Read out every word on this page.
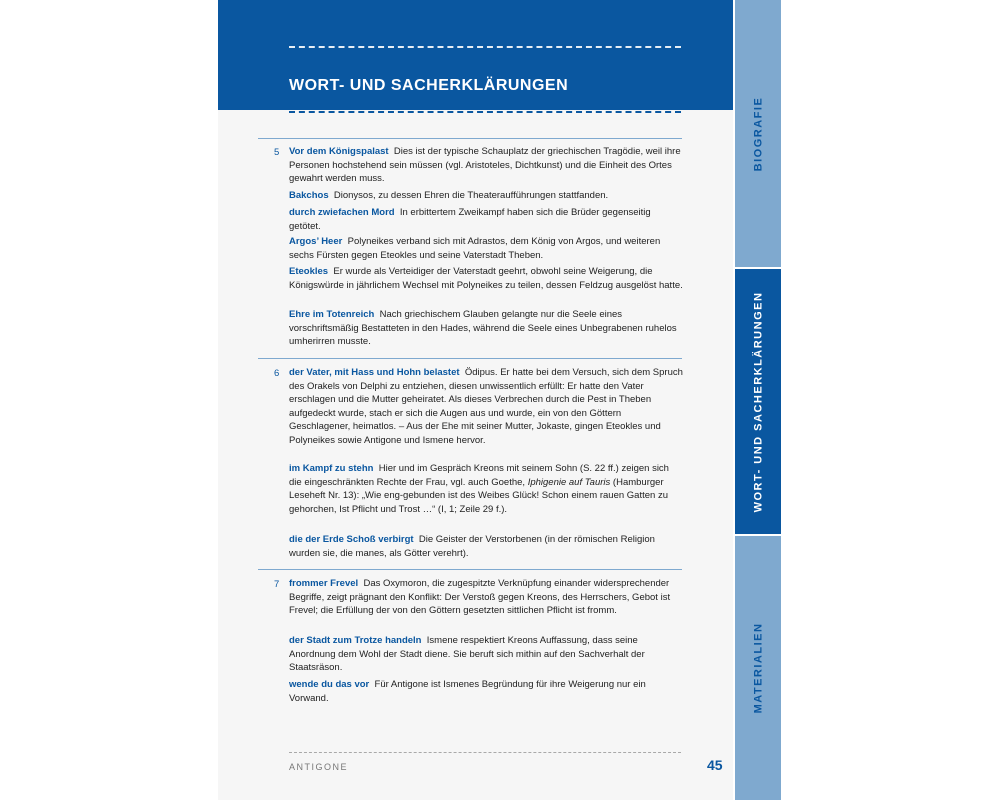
WORT- UND SACHERKLÄRUNGEN
BIOGRAFIE
WORT- UND SACHERKLÄRUNGEN
MATERIALIEN
5 Vor dem Königspalast Dies ist der typische Schauplatz der griechischen Tragödie, weil ihre Personen hochstehend sein müssen (vgl. Aristoteles, Dichtkunst) und die Einheit des Ortes gewahrt werden muss.
Bakchos Dionysos, zu dessen Ehren die Theateraufführungen stattfanden.
durch zwiefachen Mord In erbittertem Zweikampf haben sich die Brüder gegenseitig getötet.
Argos’ Heer Polyneikes verband sich mit Adrastos, dem König von Argos, und weiteren sechs Fürsten gegen Eteokles und seine Vaterstadt Theben.
Eteokles Er wurde als Verteidiger der Vaterstadt geehrt, obwohl seine Weigerung, die Königswürde in jährlichem Wechsel mit Polyneikes zu teilen, dessen Feldzug ausgelöst hatte.
Ehre im Totenreich Nach griechischem Glauben gelangte nur die Seele eines vorschriftsmäßig Bestatteten in den Hades, während die Seele eines Unbegrabenen ruhelos umherirren musste.
6 der Vater, mit Hass und Hohn belastet Ödipus. Er hatte bei dem Versuch, sich dem Spruch des Orakels von Delphi zu entziehen, diesen unwissentlich erfüllt: Er hatte den Vater erschlagen und die Mutter geheiratet. Als dieses Verbrechen durch die Pest in Theben aufgedeckt wurde, stach er sich die Augen aus und wurde, ein von den Göttern Geschlagener, heimatlos. – Aus der Ehe mit seiner Mutter, Jokaste, gingen Eteokles und Polyneikes sowie Antigone und Ismene hervor.
im Kampf zu stehn Hier und im Gespräch Kreons mit seinem Sohn (S. 22 ff.) zeigen sich die eingeschränkten Rechte der Frau, vgl. auch Goethe, Iphigenie auf Tauris (Hamburger Leseheft Nr. 13): „Wie eng-gebunden ist des Weibes Glück! Schon einem rauen Gatten zu gehorchen, Ist Pflicht und Trost …“ (I, 1; Zeile 29 f.).
die der Erde Schoß verbirgt Die Geister der Verstorbenen (in der römischen Religion wurden sie, die manes, als Götter verehrt).
7 frommer Frevel Das Oxymoron, die zugespitzte Verknüpfung einander widersprechender Begriffe, zeigt prägnant den Konflikt: Der Verstoß gegen Kreons, des Herrschers, Gebot ist Frevel; die Erfüllung der von den Göttern gesetzten sittlichen Pflicht ist fromm.
der Stadt zum Trotze handeln Ismene respektiert Kreons Auffassung, dass seine Anordnung dem Wohl der Stadt diene. Sie beruft sich mithin auf den Sachverhalt der Staatsräson.
wende du das vor Für Antigone ist Ismenes Begründung für ihre Weigerung nur ein Vorwand.
ANTIGONE	45
